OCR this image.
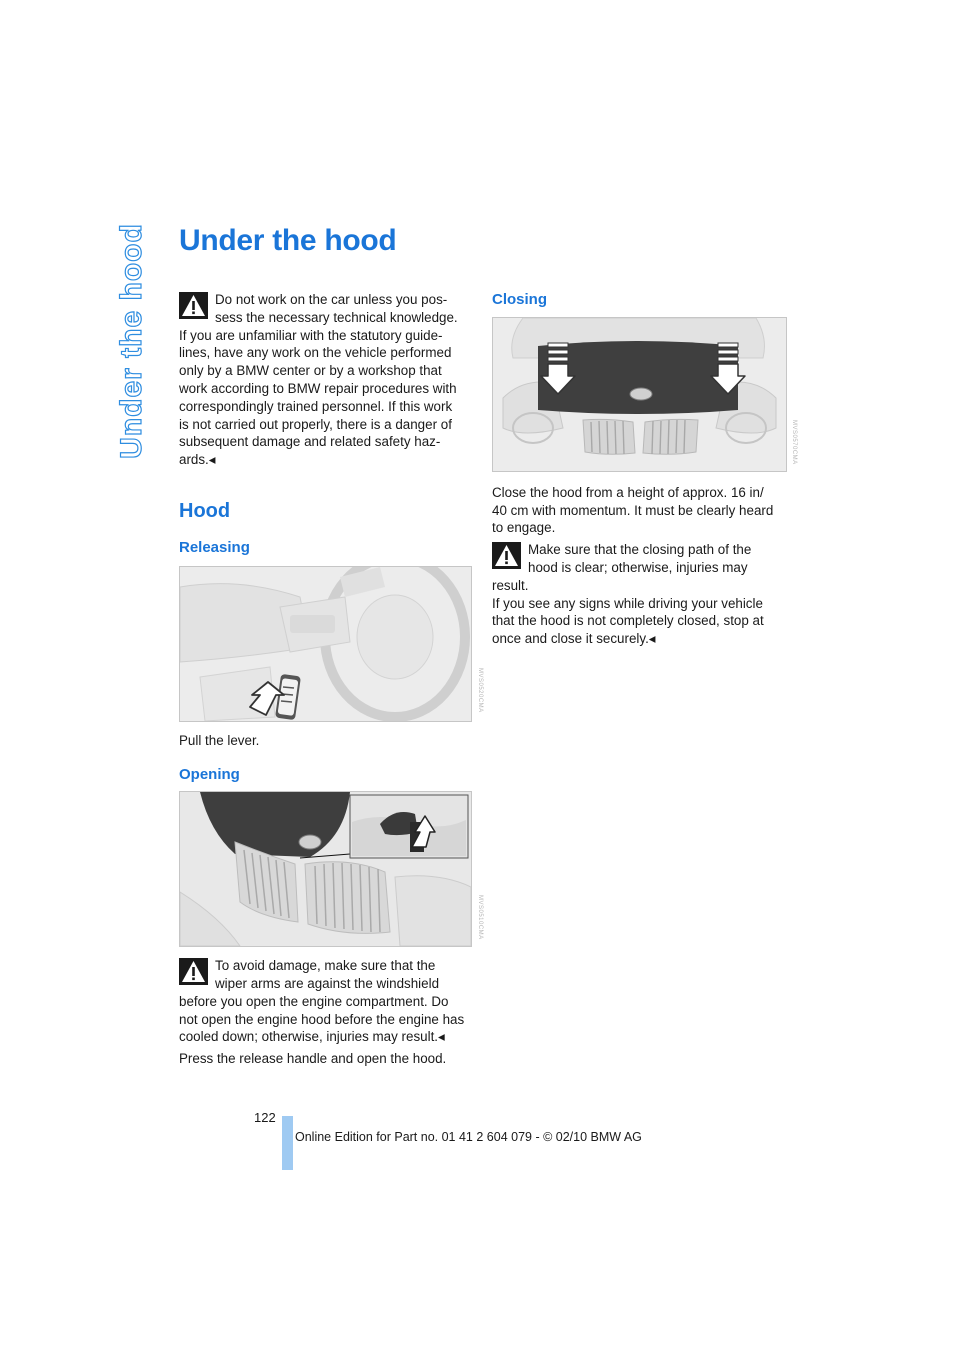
Under the hood Under the hood

Do not work on the car unless you pos-

sess the necessary technical knowledge.

If you are unfamiliar with the statutory guide-

lines, have any work on the vehicle performed

only by a BMW center or by a workshop that

work according to BMW repair procedures with

correspondingly trained personnel. If this work

is not carried out properly, there is a danger of

subsequent damage and related safety haz-

ards.◂

Hood
Releasing

Pull the lever.

Opening

To avoid damage, make sure that the

wiper arms are against the windshield

before you open the engine compartment. Do

not open the engine hood before the engine has

cooled down; otherwise, injuries may result.◂

Press the release handle and open the hood.

MVS0520CMA
MVS0510CMA
Closing

Close the hood from a height of approx. 16 in/

40 cm with momentum. It must be clearly heard

to engage.

Make sure that the closing path of the

hood is clear; otherwise, injuries may

result.

If you see any signs while driving your vehicle

that the hood is not completely closed, stop at

once and close it securely.◂

MVS0570CMA
122
Online Edition for Part no. 01 41 2 604 079 - © 02/10 BMW AG
